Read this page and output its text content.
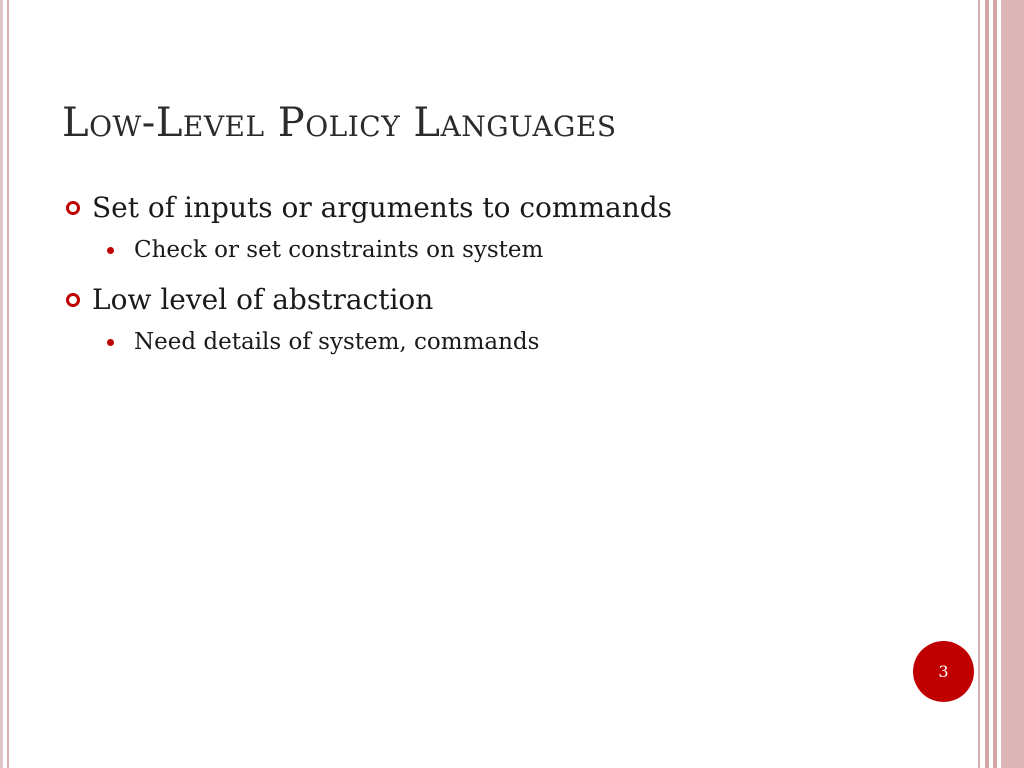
Low-Level Policy Languages
Set of inputs or arguments to commands
Check or set constraints on system
Low level of abstraction
Need details of system, commands
3
